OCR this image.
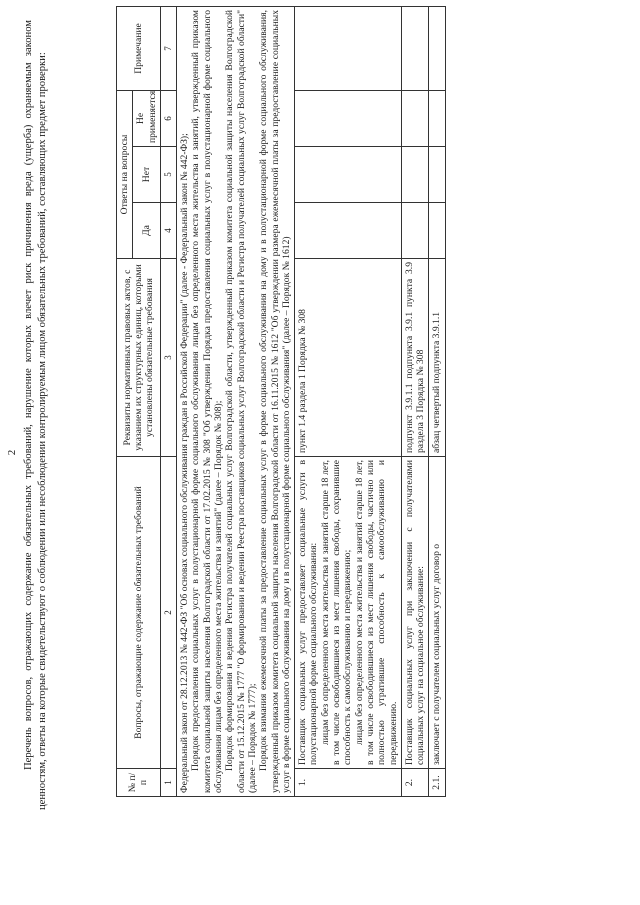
2 Перечень вопросов, отражающих содержание обязательных требований, нарушение которых влечет риск причинения вреда (ущерба) охраняемым законом ценностям, ответы на которые свидетельствуют о соблюдении или несоблюдении контролируемым лицом обязательных требований, составляющих предмет проверки:	№ п/п	Вопросы, отражающие содержание обязательных требований	Реквизиты нормативных правовых актов, с указанием их структурных единиц, которыми установлены обязательные требования	Ответы на вопросы			Примечание
			Да	Нет	Не применяется	
1	2	3	4	5	6	7

Федеральный закон от 28.12.2013 № 442-ФЗ "Об основах социального обслуживания граждан в Российской Федерации" (далее - Федеральный закон № 442-ФЗ); Порядок предоставления социальных услуг в полустационарной форме социального обслуживания лицам без определенного места жительства и занятий, утвержденный приказом комитета социальной защиты населения Волгоградской области от 17.02.2015 № 308 "Об утверждении Порядка предоставления социальных услуг в полустационарной форме социального обслуживания лицам без определенного места жительства и занятий" (далее – Порядок № 308); Порядок формирования и ведения Регистра получателей социальных услуг Волгоградской области, утвержденный приказом комитета социальной защиты населения Волгоградской области от 15.12.2015 № 1777 "О формировании и ведении Реестра поставщиков социальных услуг Волгоградской области и Регистра получателей социальных услуг Волгоградской области"(далее – Порядок № 1777); Порядок взимания ежемесячной платы за предоставление социальных услуг в форме социального обслуживания на дому и в полустационарной форме социального обслуживания, утвержденный приказом комитета социальной защиты населения Волгоградской области от 16.11.2015 № 1612 "Об утверждении размера ежемесячной платы за предоставление социальных услуг в форме социального обслуживания на дому и в полустационарной форме социального обслуживания" (далее – Порядок № 1612)						

1.	Поставщик социальных услуг предоставляет социальные услуги в полустационарной форме социального обслуживания: лицам без определенного места жительства и занятий старше 18 лет, в том числе освободившиеся из мест лишения свободы, сохранившие способность к самообслуживанию и передвижению; лицам без определенного места жительства и занятий старше 18 лет, в том числе освободившиеся из мест лишения свободы, частично или полностью утратившие способность к самообслуживанию и передвижению.	пункт 1.4 раздела 1 Порядка № 308				
2.	Поставщик социальных услуг при заключении с получателями социальных услуг на социальное обслуживание:	подпункт 3.9.1.1 подпункта 3.9.1 пункта 3.9 раздела 3 Порядка № 308				
2.1.	заключает с получателем социальных услуг договор о	абзац четвертый подпункта 3.9.1.1				
